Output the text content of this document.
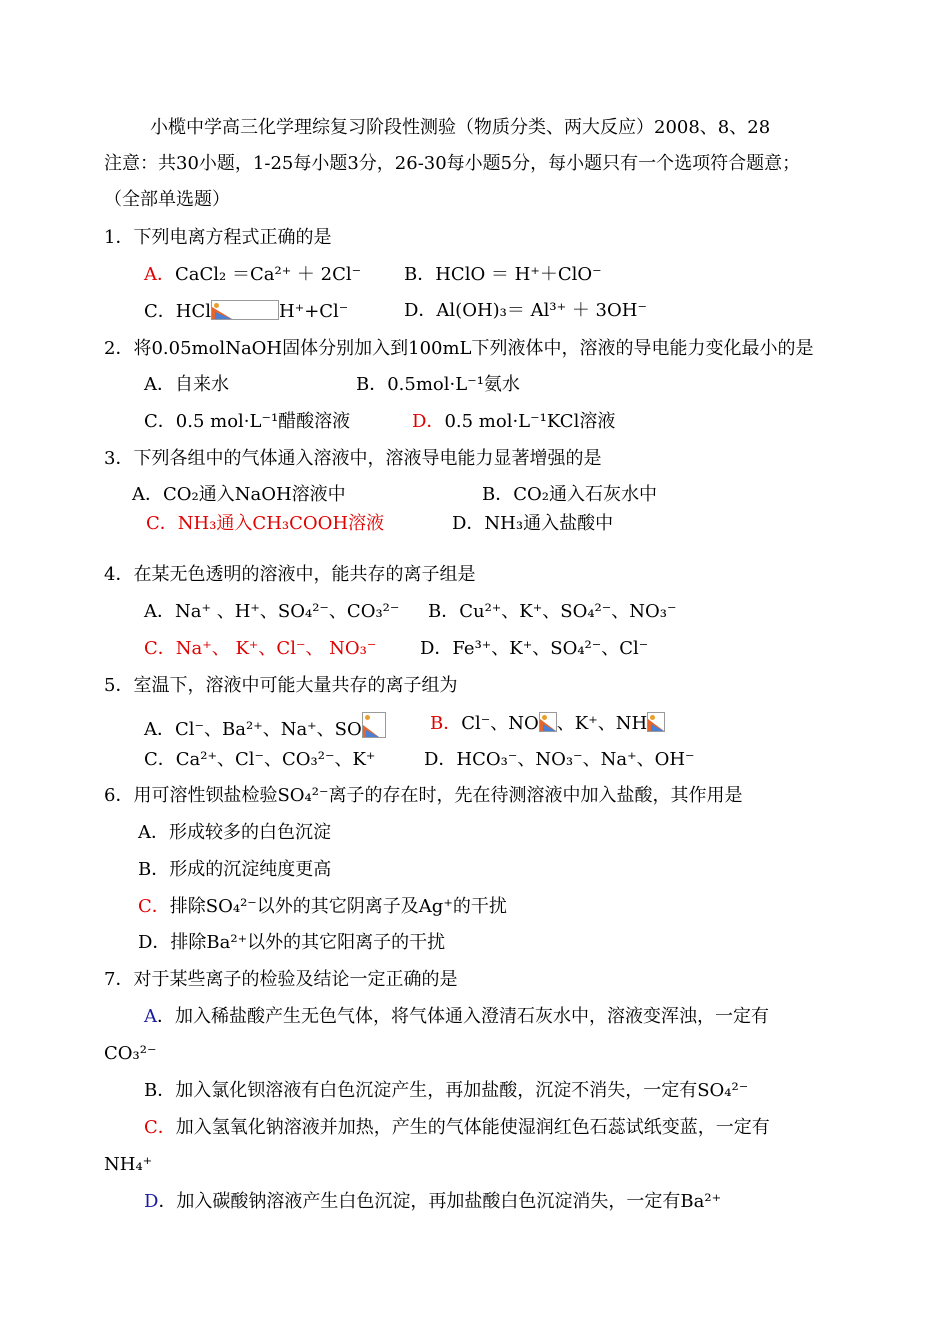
小榄中学高三化学理综复习阶段性测验（物质分类、两大反应）2008、8、28
注意：共30小题，1-25每小题3分，26-30每小题5分，每小题只有一个选项符合题意；
（全部单选题）
1．下列电离方程式正确的是
A．CaCl₂ ＝Ca²⁺ ＋ 2Cl⁻ B．HClO ＝ H⁺＋ClO⁻
C．HCl	H⁺+Cl⁻	D．Al(OH)₃＝ Al³⁺ ＋ 3OH⁻
2．将0.05molNaOH固体分别加入到100mL下列液体中，溶液的导电能力变化最小的是
A．自来水	B．0.5mol·L⁻¹氨水
C．0.5 mol·L⁻¹醋酸溶液	D．0.5 mol·L⁻¹KCl溶液
3．下列各组中的气体通入溶液中，溶液导电能力显著增强的是
A．CO₂通入NaOH溶液中	B．CO₂通入石灰水中
C．NH₃通入CH₃COOH溶液	D．NH₃通入盐酸中
4．在某无色透明的溶液中，能共存的离子组是
A．Na⁺ 、H⁺、SO₄²⁻、CO₃²⁻ B．Cu²⁺、K⁺、SO₄²⁻、NO₃⁻
C．Na⁺、 K⁺、Cl⁻、 NO₃⁻ D．Fe³⁺、K⁺、SO₄²⁻、Cl⁻
5．室温下，溶液中可能大量共存的离子组为
A．Cl⁻、Ba²⁺、Na⁺、SO	B．Cl⁻、NO 、K⁺、NH
C．Ca²⁺、Cl⁻、CO₃²⁻、K⁺	D．HCO₃⁻、NO₃⁻、Na⁺、OH⁻
6．用可溶性钡盐检验SO₄²⁻离子的存在时，先在待测溶液中加入盐酸，其作用是
A．形成较多的白色沉淀
B．形成的沉淀纯度更高
C．排除SO₄²⁻以外的其它阴离子及Ag⁺的干扰
D．排除Ba²⁺以外的其它阳离子的干扰
7．对于某些离子的检验及结论一定正确的是
A．加入稀盐酸产生无色气体，将气体通入澄清石灰水中，溶液变浑浊，一定有
CO₃²⁻
B．加入氯化钡溶液有白色沉淀产生，再加盐酸，沉淀不消失，一定有SO₄²⁻
C．加入氢氧化钠溶液并加热，产生的气体能使湿润红色石蕊试纸变蓝，一定有
NH₄⁺
D．加入碳酸钠溶液产生白色沉淀，再加盐酸白色沉淀消失，一定有Ba²⁺
